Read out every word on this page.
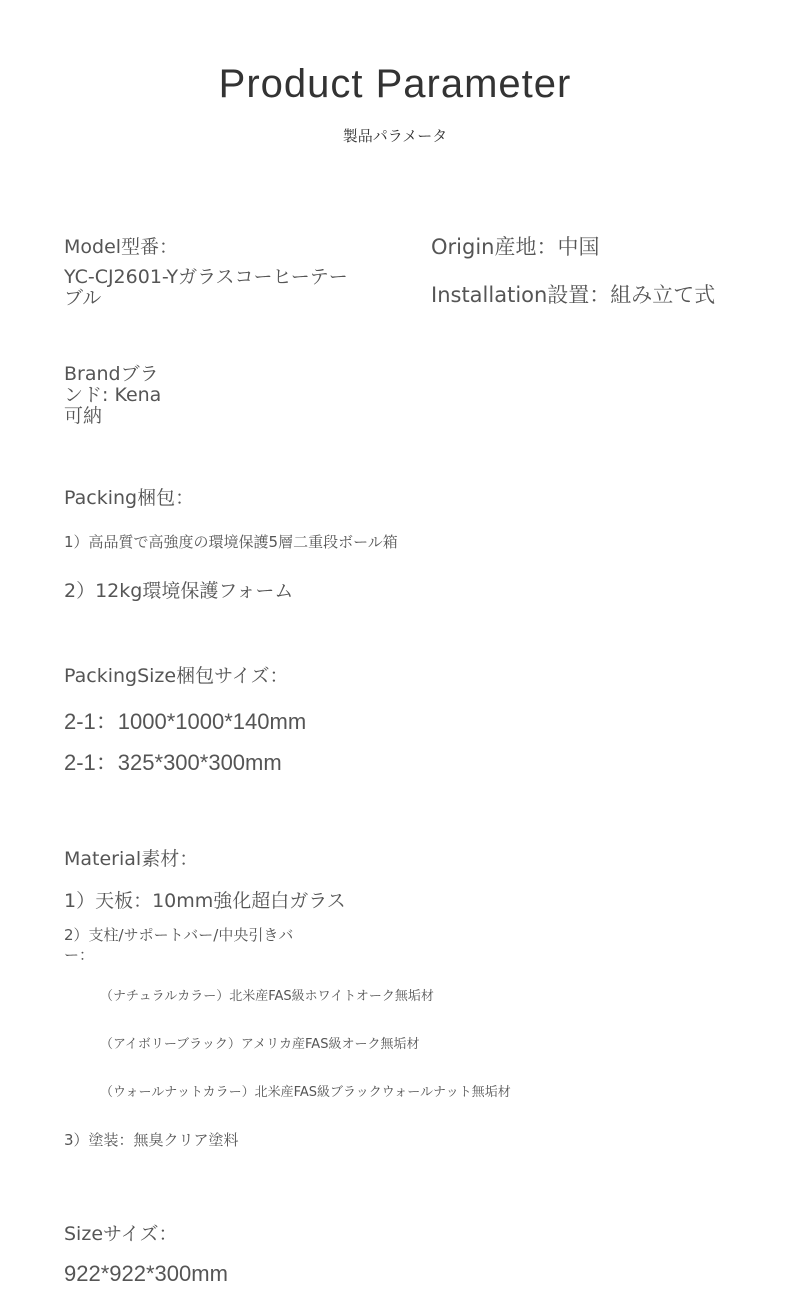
Product Parameter
製品パラメータ
Model型番：
YC-CJ2601-Yガラスコーヒーテーブル
Origin産地：中国
Installation設置：組み立て式
Brandブランド: Kena可納
Packing梱包：
1）高品質で高強度の環境保護5層二重段ボール箱
2）12kg環境保護フォーム
PackingSize梱包サイズ：
2-1：1000*1000*140mm
2-1：325*300*300mm
Material素材：
1）天板：10mm強化超白ガラス
2）支柱/サポートバー/中央引きバー：
（ナチュラルカラー）北米産FAS級ホワイトオーク無垢材
（アイボリーブラック）アメリカ産FAS級オーク無垢材
（ウォールナットカラー）北米産FAS級ブラックウォールナット無垢材
3）塗装：無臭クリア塗料
Sizeサイズ：
922*922*300mm
